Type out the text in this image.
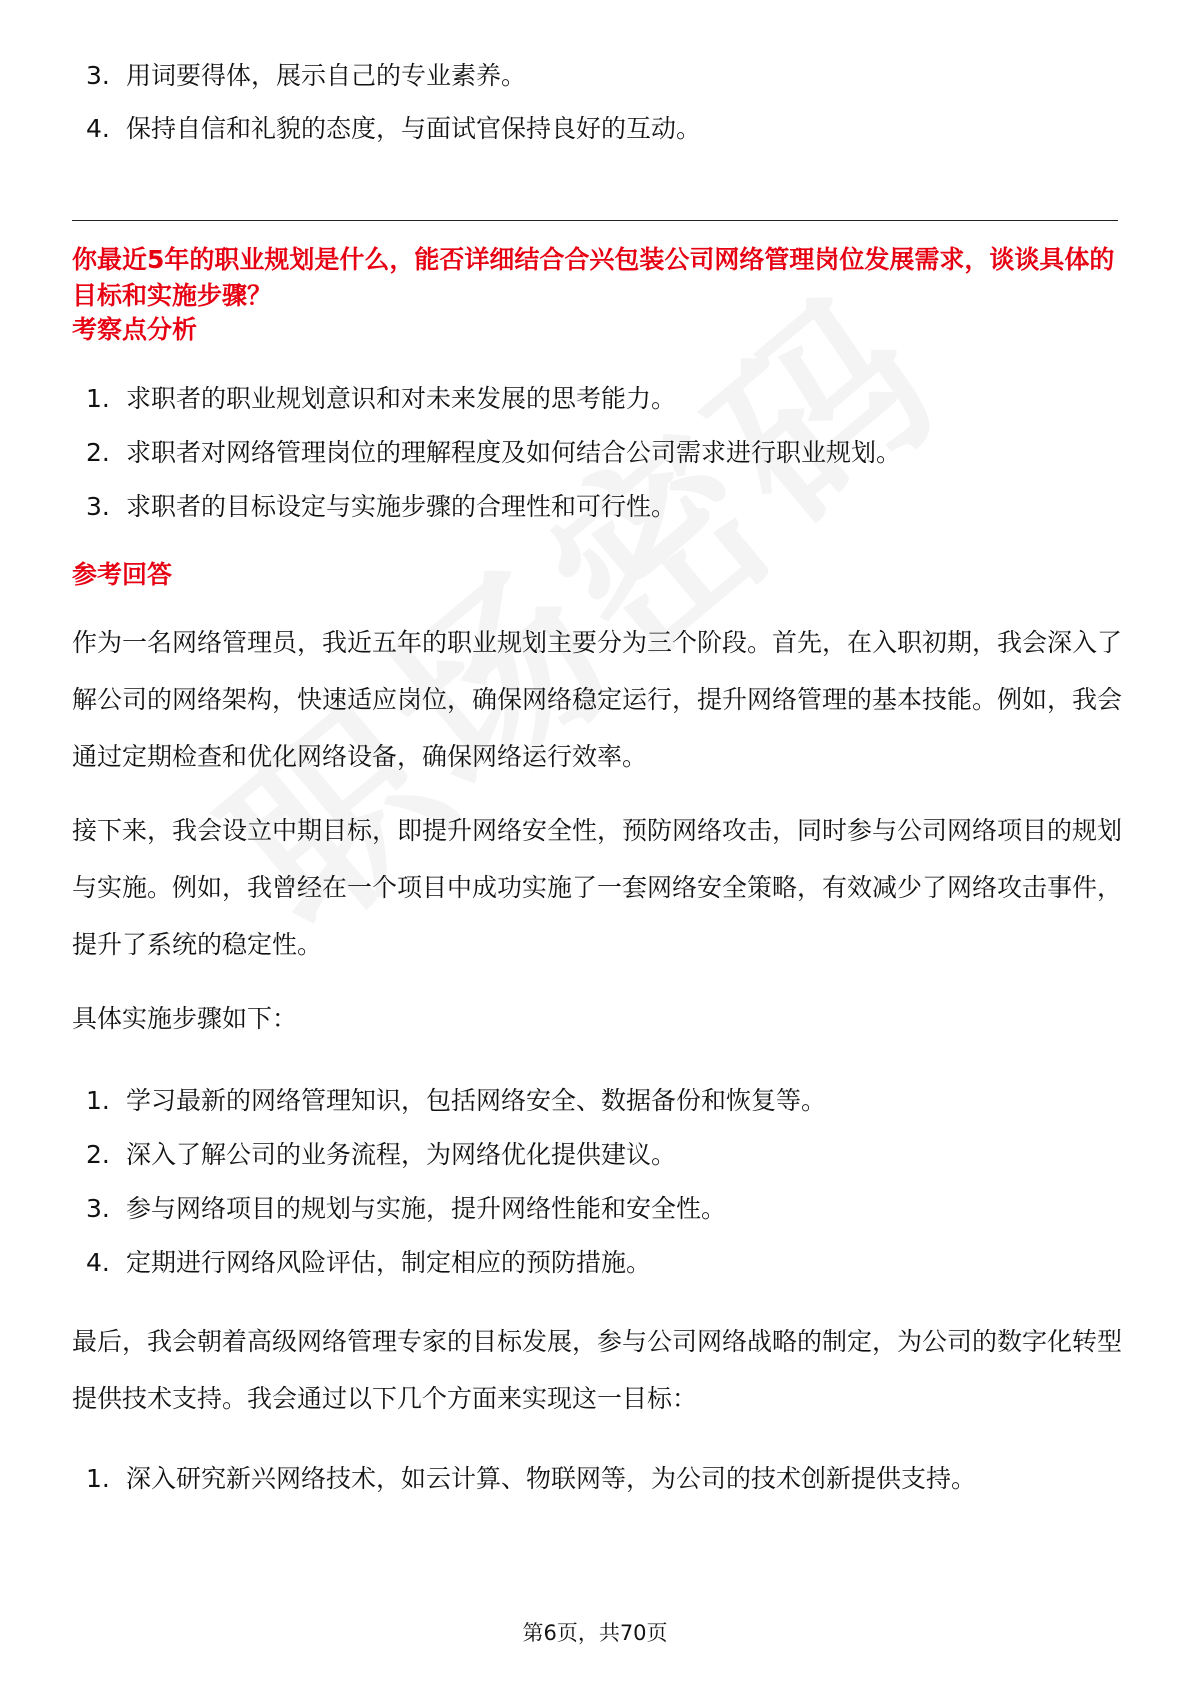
3. 用词要得体，展示自己的专业素养。
4. 保持自信和礼貌的态度，与面试官保持良好的互动。
你最近5年的职业规划是什么，能否详细结合合兴包装公司网络管理岗位发展需求，谈谈具体的目标和实施步骤？
考察点分析
1. 求职者的职业规划意识和对未来发展的思考能力。
2. 求职者对网络管理岗位的理解程度及如何结合公司需求进行职业规划。
3. 求职者的目标设定与实施步骤的合理性和可行性。
参考回答
作为一名网络管理员，我近五年的职业规划主要分为三个阶段。首先，在入职初期，我会深入了解公司的网络架构，快速适应岗位，确保网络稳定运行，提升网络管理的基本技能。例如，我会通过定期检查和优化网络设备，确保网络运行效率。
接下来，我会设立中期目标，即提升网络安全性，预防网络攻击，同时参与公司网络项目的规划与实施。例如，我曾经在一个项目中成功实施了一套网络安全策略，有效减少了网络攻击事件，提升了系统的稳定性。
具体实施步骤如下：
1. 学习最新的网络管理知识，包括网络安全、数据备份和恢复等。
2. 深入了解公司的业务流程，为网络优化提供建议。
3. 参与网络项目的规划与实施，提升网络性能和安全性。
4. 定期进行网络风险评估，制定相应的预防措施。
最后，我会朝着高级网络管理专家的目标发展，参与公司网络战略的制定，为公司的数字化转型提供技术支持。我会通过以下几个方面来实现这一目标：
1. 深入研究新兴网络技术，如云计算、物联网等，为公司的技术创新提供支持。
第6页，共70页
